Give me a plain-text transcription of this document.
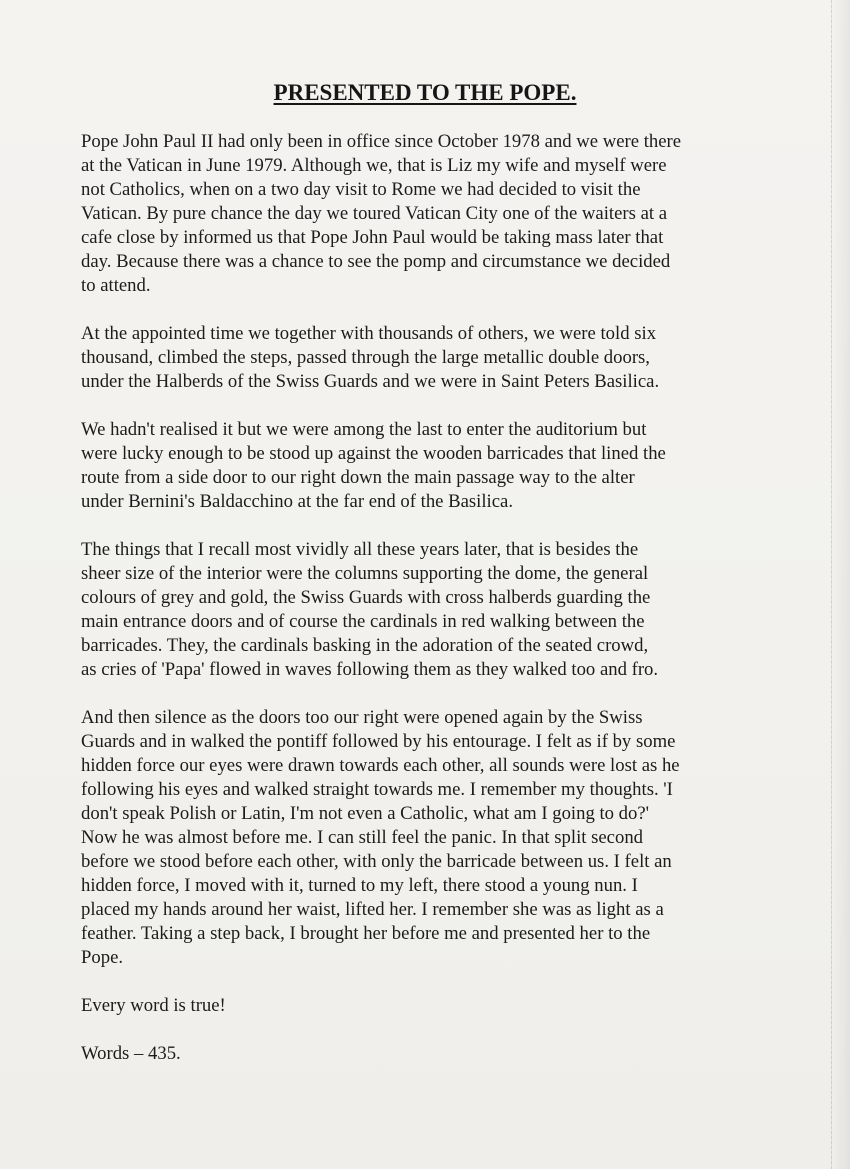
PRESENTED TO THE POPE.
Pope John Paul II had only been in office since October 1978 and we were there
at the Vatican in June 1979. Although we, that is Liz my wife and myself were
not Catholics, when on a two day visit to Rome we had decided to visit the
Vatican. By pure chance the day we toured Vatican City one of the waiters at a
cafe close by informed us that Pope John Paul would be taking mass later that
day. Because there was a chance to see the pomp and circumstance we decided
to attend.
At the appointed time we together with thousands of others, we were told six
thousand, climbed the steps, passed through the large metallic double doors,
under the Halberds of the Swiss Guards and we were in Saint Peters Basilica.
We hadn't realised it but we were among the last to enter the auditorium but
were lucky enough to be stood up against the wooden barricades that lined the
route from a side door to our right down the main passage way to the alter
under Bernini's Baldacchino at the far end of the Basilica.
The things that I recall most vividly all these years later, that is besides the
sheer size of the interior were the columns supporting the dome, the general
colours of grey and gold, the Swiss Guards with cross halberds guarding the
main entrance doors and of course the cardinals in red walking between the
barricades. They, the cardinals basking in the adoration of the seated crowd,
as cries of 'Papa' flowed in waves following them as they walked too and fro.
And then silence as the doors too our right were opened again by the Swiss
Guards and in walked the pontiff followed by his entourage. I felt as if by some
hidden force our eyes were drawn towards each other, all sounds were lost as he
following his eyes and walked straight towards me. I remember my thoughts. 'I
don't speak Polish or Latin, I'm not even a Catholic, what am I going to do?'
Now he was almost before me. I can still feel the panic. In that split second
before we stood before each other, with only the barricade between us. I felt an
hidden force, I moved with it, turned to my left, there stood a young nun. I
placed my hands around her waist, lifted her. I remember she was as light as a
feather. Taking a step back, I brought her before me and presented her to the
Pope.
Every word is true!
Words – 435.
